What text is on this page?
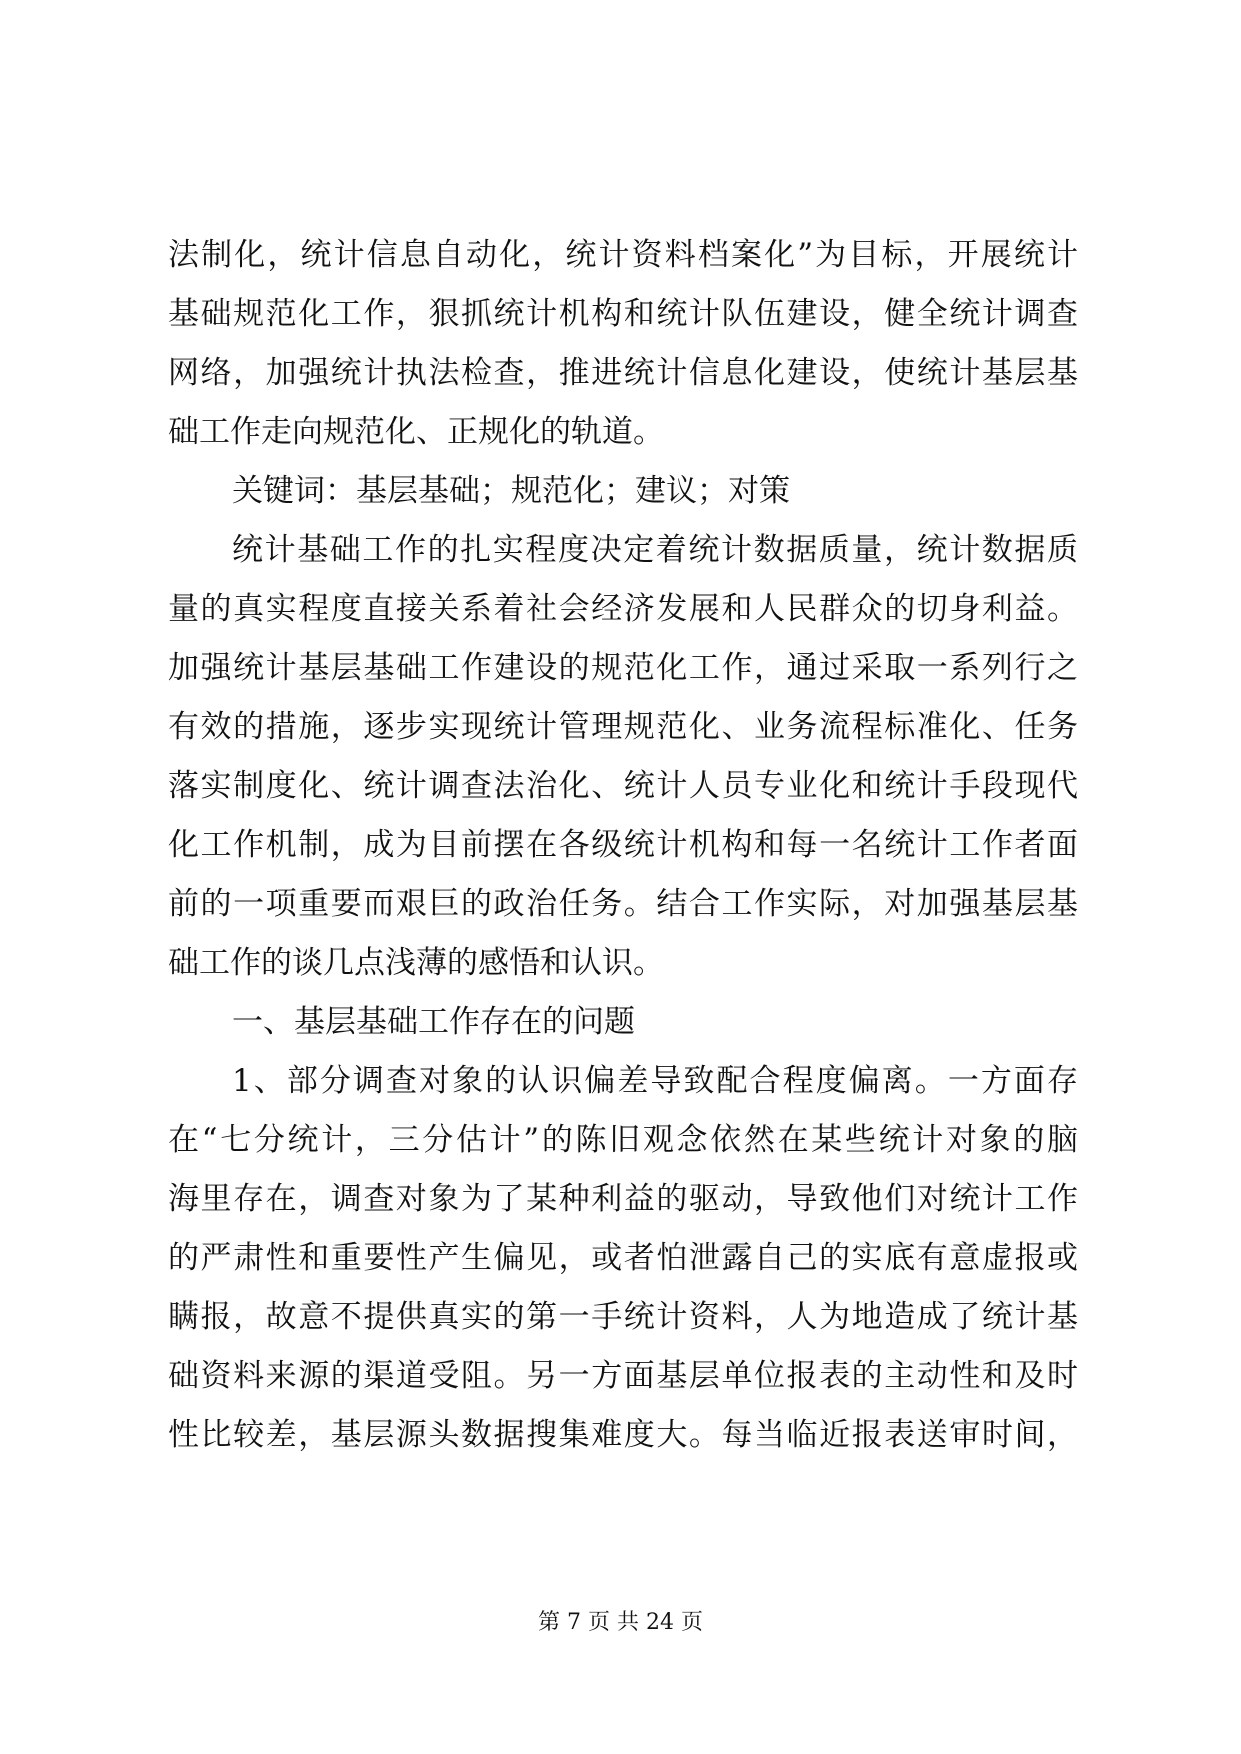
法制化，统计信息自动化，统计资料档案化”为目标，开展统计
基础规范化工作，狠抓统计机构和统计队伍建设，健全统计调查
网络，加强统计执法检查，推进统计信息化建设，使统计基层基
础工作走向规范化、正规化的轨道。
关键词：基层基础；规范化；建议；对策
统计基础工作的扎实程度决定着统计数据质量，统计数据质
量的真实程度直接关系着社会经济发展和人民群众的切身利益。
加强统计基层基础工作建设的规范化工作，通过采取一系列行之
有效的措施，逐步实现统计管理规范化、业务流程标准化、任务
落实制度化、统计调查法治化、统计人员专业化和统计手段现代
化工作机制，成为目前摆在各级统计机构和每一名统计工作者面
前的一项重要而艰巨的政治任务。结合工作实际，对加强基层基
础工作的谈几点浅薄的感悟和认识。
一、基层基础工作存在的问题
1、部分调查对象的认识偏差导致配合程度偏离。一方面存
在“七分统计，三分估计”的陈旧观念依然在某些统计对象的脑
海里存在，调查对象为了某种利益的驱动，导致他们对统计工作
的严肃性和重要性产生偏见，或者怕泄露自己的实底有意虚报或
瞒报，故意不提供真实的第一手统计资料，人为地造成了统计基
础资料来源的渠道受阻。另一方面基层单位报表的主动性和及时
性比较差，基层源头数据搜集难度大。每当临近报表送审时间，
第 7 页 共 24 页
